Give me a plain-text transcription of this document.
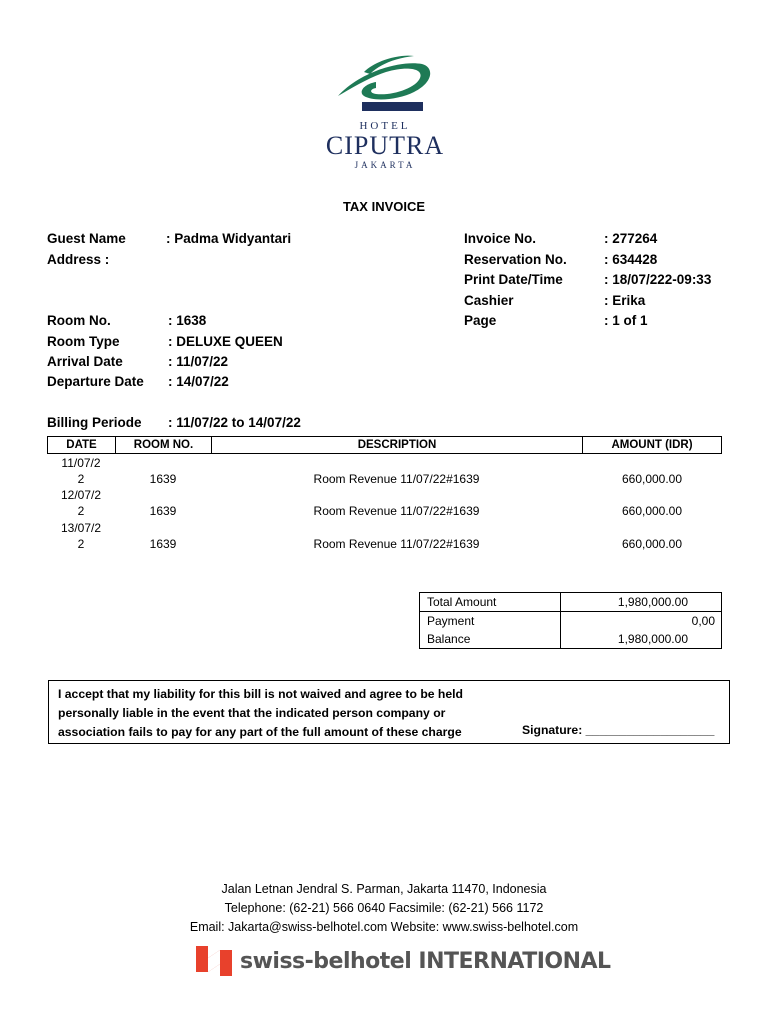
HOTEL
CIPUTRA
JAKARTA
TAX INVOICE
Guest Name	: Padma Widyantari
Address :
Room No.	: 1638
Room Type	: DELUXE QUEEN
Arrival Date	: 11/07/22
Departure Date : 14/07/22
Billing Periode : 11/07/22 to 14/07/22
Invoice No.	: 277264
Reservation No.	: 634428
Print Date/Time	: 18/07/222-09:33
Cashier	: Erika
Page	: 1 of 1
DATE	ROOM NO.	DESCRIPTION	AMOUNT (IDR)
11/07/2
2	1639	Room Revenue 11/07/22#1639	660,000.00
12/07/2
2	1639	Room Revenue 11/07/22#1639	660,000.00
13/07/2
2	1639	Room Revenue 11/07/22#1639	660,000.00
Total Amount	1,980,000.00
Payment	0,00
Balance	1,980,000.00
I accept that my liability for this bill is not waived and agree to be held
personally liable in the event that the indicated person company or
association fails to pay for any part of the full amount of these charge	Signature: ___________________
Jalan Letnan Jendral S. Parman, Jakarta 11470, Indonesia
Telephone: (62-21) 566 0640 Facsimile: (62-21) 566 1172
Email: Jakarta@swiss-belhotel.com Website: www.swiss-belhotel.com
swiss-belhotel INTERNATIONAL
